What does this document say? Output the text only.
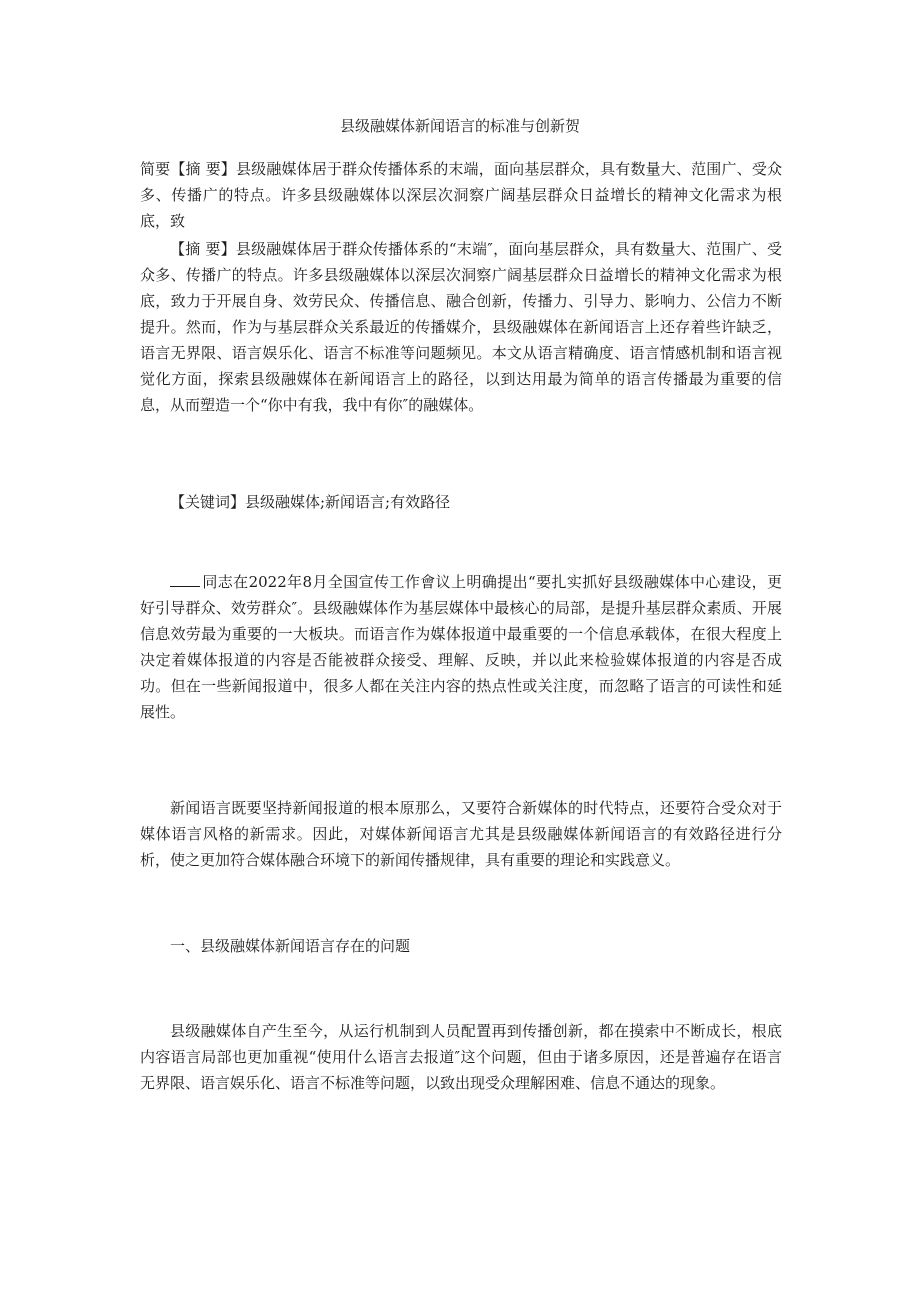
县级融媒体新闻语言的标准与创新贺

简要【摘 要】县级融媒体居于群众传播体系的末端，面向基层群众，具有数量大、范围广、受众多、传播广的特点。许多县级融媒体以深层次洞察广阔基层群众日益增长的精神文化需求为根底，致

【摘 要】县级融媒体居于群众传播体系的“末端″，面向基层群众，具有数量大、范围广、受众多、传播广的特点。许多县级融媒体以深层次洞察广阔基层群众日益增长的精神文化需求为根底，致力于开展自身、效劳民众、传播信息、融合创新，传播力、引导力、影响力、公信力不断提升。然而，作为与基层群众关系最近的传播媒介，县级融媒体在新闻语言上还存着些许缺乏，语言无界限、语言娱乐化、语言不标准等问题频见。本文从语言精确度、语言情感机制和语言视觉化方面，探索县级融媒体在新闻语言上的路径，以到达用最为简单的语言传播最为重要的信息，从而塑造一个“你中有我，我中有你″的融媒体。

【关键词】县级融媒体;新闻语言;有效路径

同志在2022年8月全国宣传工作會议上明确提出“要扎实抓好县级融媒体中心建设，更好引导群众、效劳群众″。县级融媒体作为基层媒体中最核心的局部，是提升基层群众素质、开展信息效劳最为重要的一大板块。而语言作为媒体报道中最重要的一个信息承载体，在很大程度上决定着媒体报道的内容是否能被群众接受、理解、反映，并以此来检验媒体报道的内容是否成功。但在一些新闻报道中，很多人都在关注内容的热点性或关注度，而忽略了语言的可读性和延展性。

新闻语言既要坚持新闻报道的根本原那么，又要符合新媒体的时代特点，还要符合受众对于媒体语言风格的新需求。因此，对媒体新闻语言尤其是县级融媒体新闻语言的有效路径进行分析，使之更加符合媒体融合环境下的新闻传播规律，具有重要的理论和实践意义。

一、县级融媒体新闻语言存在的问题

县级融媒体自产生至今，从运行机制到人员配置再到传播创新，都在摸索中不断成长，根底内容语言局部也更加重视“使用什么语言去报道″这个问题，但由于诸多原因，还是普遍存在语言无界限、语言娱乐化、语言不标准等问题，以致出现受众理解困难、信息不通达的现象。
